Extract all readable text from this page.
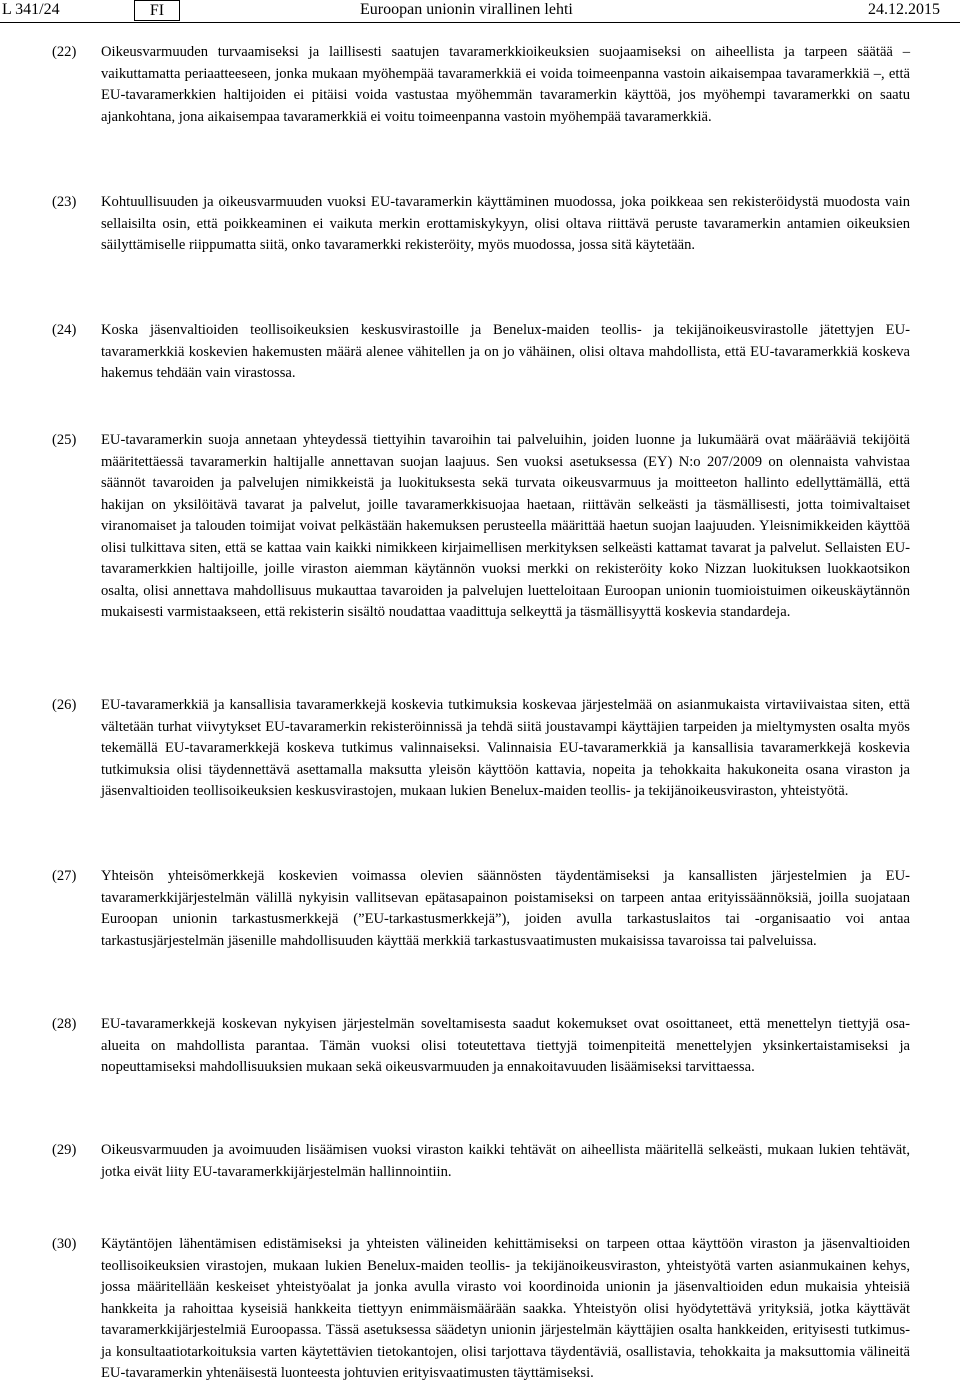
L 341/24	FI	Euroopan unionin virallinen lehti	24.12.2015
(22) Oikeusvarmuuden turvaamiseksi ja laillisesti saatujen tavaramerkkioikeuksien suojaamiseksi on aiheellista ja tarpeen säätää – vaikuttamatta periaatteeseen, jonka mukaan myöhempää tavaramerkkiä ei voida toimeenpanna vastoin aikaisempaa tavaramerkkiä –, että EU-tavaramerkkien haltijoiden ei pitäisi voida vastustaa myöhemmän tavaramerkin käyttöä, jos myöhempi tavaramerkki on saatu ajankohtana, jona aikaisempaa tavaramerkkiä ei voitu toimeenpanna vastoin myöhempää tavaramerkkiä.

(23) Kohtuullisuuden ja oikeusvarmuuden vuoksi EU-tavaramerkin käyttäminen muodossa, joka poikkeaa sen rekisteröidystä muodosta vain sellaisilta osin, että poikkeaminen ei vaikuta merkin erottamiskykyyn, olisi oltava riittävä peruste tavaramerkin antamien oikeuksien säilyttämiselle riippumatta siitä, onko tavaramerkki rekisteröity, myös muodossa, jossa sitä käytetään.

(24) Koska jäsenvaltioiden teollisoikeuksien keskusvirastoille ja Benelux-maiden teollis- ja tekijänoikeusvirastolle jätettyjen EU-tavaramerkkiä koskevien hakemusten määrä alenee vähitellen ja on jo vähäinen, olisi oltava mahdollista, että EU-tavaramerkkiä koskeva hakemus tehdään vain virastossa.

(25) EU-tavaramerkin suoja annetaan yhteydessä tiettyihin tavaroihin tai palveluihin, joiden luonne ja lukumäärä ovat määrääviä tekijöitä määritettäessä tavaramerkin haltijalle annettavan suojan laajuus. Sen vuoksi asetuksessa (EY) N:o 207/2009 on olennaista vahvistaa säännöt tavaroiden ja palvelujen nimikkeistä ja luokituksesta sekä turvata oikeusvarmuus ja moitteeton hallinto edellyttämällä, että hakijan on yksilöitävä tavarat ja palvelut, joille tavaramerkkisuojaa haetaan, riittävän selkeästi ja täsmällisesti, jotta toimivaltaiset viranomaiset ja talouden toimijat voivat pelkästään hakemuksen perusteella määrittää haetun suojan laajuuden. Yleisnimikkeiden käyttöä olisi tulkittava siten, että se kattaa vain kaikki nimikkeen kirjaimellisen merkityksen selkeästi kattamat tavarat ja palvelut. Sellaisten EU-tavaramerkkien haltijoille, joille viraston aiemman käytännön vuoksi merkki on rekisteröity koko Nizzan luokituksen luokkaotsikon osalta, olisi annettava mahdollisuus mukauttaa tavaroiden ja palvelujen luetteloitaan Euroopan unionin tuomioistuimen oikeuskäytännön mukaisesti varmistaakseen, että rekisterin sisältö noudattaa vaadittuja selkeyttä ja täsmällisyyttä koskevia standardeja.

(26) EU-tavaramerkkiä ja kansallisia tavaramerkkejä koskevia tutkimuksia koskevaa järjestelmää on asianmukaista virtaviivaistaa siten, että vältetään turhat viivytykset EU-tavaramerkin rekisteröinnissä ja tehdä siitä joustavampi käyttäjien tarpeiden ja mieltymysten osalta myös tekemällä EU-tavaramerkkejä koskeva tutkimus valinnaiseksi. Valinnaisia EU-tavaramerkkiä ja kansallisia tavaramerkkejä koskevia tutkimuksia olisi täydennettävä asettamalla maksutta yleisön käyttöön kattavia, nopeita ja tehokkaita hakukoneita osana viraston ja jäsenvaltioiden teollisoikeuksien keskusvirastojen, mukaan lukien Benelux-maiden teollis- ja tekijänoikeusviraston, yhteistyötä.

(27) Yhteisön yhteisömerkkejä koskevien voimassa olevien säännösten täydentämiseksi ja kansallisten järjestelmien ja EU-tavaramerkkijärjestelmän välillä nykyisin vallitsevan epätasapainon poistamiseksi on tarpeen antaa erityissäännöksiä, joilla suojataan Euroopan unionin tarkastusmerkkejä (”EU-tarkastusmerkkejä”), joiden avulla tarkastuslaitos tai -organisaatio voi antaa tarkastusjärjestelmän jäsenille mahdollisuuden käyttää merkkiä tarkastusvaatimusten mukaisissa tavaroissa tai palveluissa.

(28) EU-tavaramerkkejä koskevan nykyisen järjestelmän soveltamisesta saadut kokemukset ovat osoittaneet, että menettelyn tiettyjä osa-alueita on mahdollista parantaa. Tämän vuoksi olisi toteutettava tiettyjä toimenpiteitä menettelyjen yksinkertaistamiseksi ja nopeuttamiseksi mahdollisuuksien mukaan sekä oikeusvarmuuden ja ennakoitavuuden lisäämiseksi tarvittaessa.

(29) Oikeusvarmuuden ja avoimuuden lisäämisen vuoksi viraston kaikki tehtävät on aiheellista määritellä selkeästi, mukaan lukien tehtävät, jotka eivät liity EU-tavaramerkkijärjestelmän hallinnointiin.

(30) Käytäntöjen lähentämisen edistämiseksi ja yhteisten välineiden kehittämiseksi on tarpeen ottaa käyttöön viraston ja jäsenvaltioiden teollisoikeuksien virastojen, mukaan lukien Benelux-maiden teollis- ja tekijänoikeusviraston, yhteistyötä varten asianmukainen kehys, jossa määritellään keskeiset yhteistyöalat ja jonka avulla virasto voi koordinoida unionin ja jäsenvaltioiden edun mukaisia yhteisiä hankkeita ja rahoittaa kyseisiä hankkeita tiettyyn enimmäismäärään saakka. Yhteistyön olisi hyödytettävä yrityksiä, jotka käyttävät tavaramerkkijärjestelmiä Euroopassa. Tässä asetuksessa säädetyn unionin järjestelmän käyttäjien osalta hankkeiden, erityisesti tutkimus- ja konsultaatiotarkoituksia varten käytettävien tietokantojen, olisi tarjottava täydentäviä, osallistavia, tehokkaita ja maksuttomia välineitä EU-tavaramerkin yhtenäisestä luonteesta johtuvien erityisvaatimusten täyttämiseksi.
